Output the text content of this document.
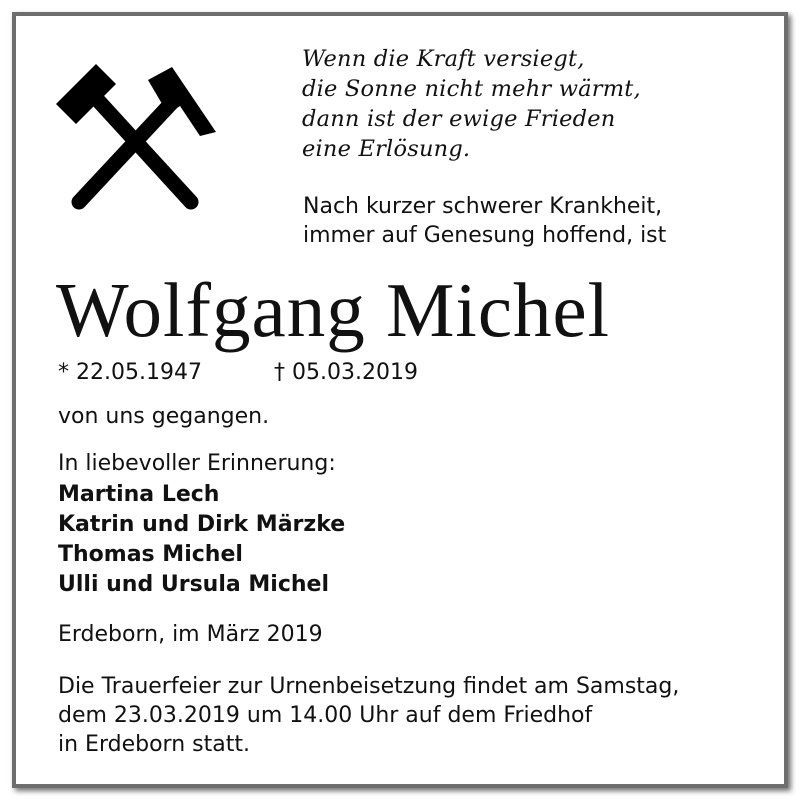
Wenn die Kraft versiegt,
die Sonne nicht mehr wärmt,
dann ist der ewige Frieden
eine Erlösung.
Nach kurzer schwerer Krankheit,
immer auf Genesung hoffend, ist
Wolfgang Michel
* 22.05.1947	† 05.03.2019
von uns gegangen.
In liebevoller Erinnerung:
Martina Lech
Katrin und Dirk Märzke
Thomas Michel
Ulli und Ursula Michel
Erdeborn, im März 2019
Die Trauerfeier zur Urnenbeisetzung findet am Samstag,
dem 23.03.2019 um 14.00 Uhr auf dem Friedhof
in Erdeborn statt.
